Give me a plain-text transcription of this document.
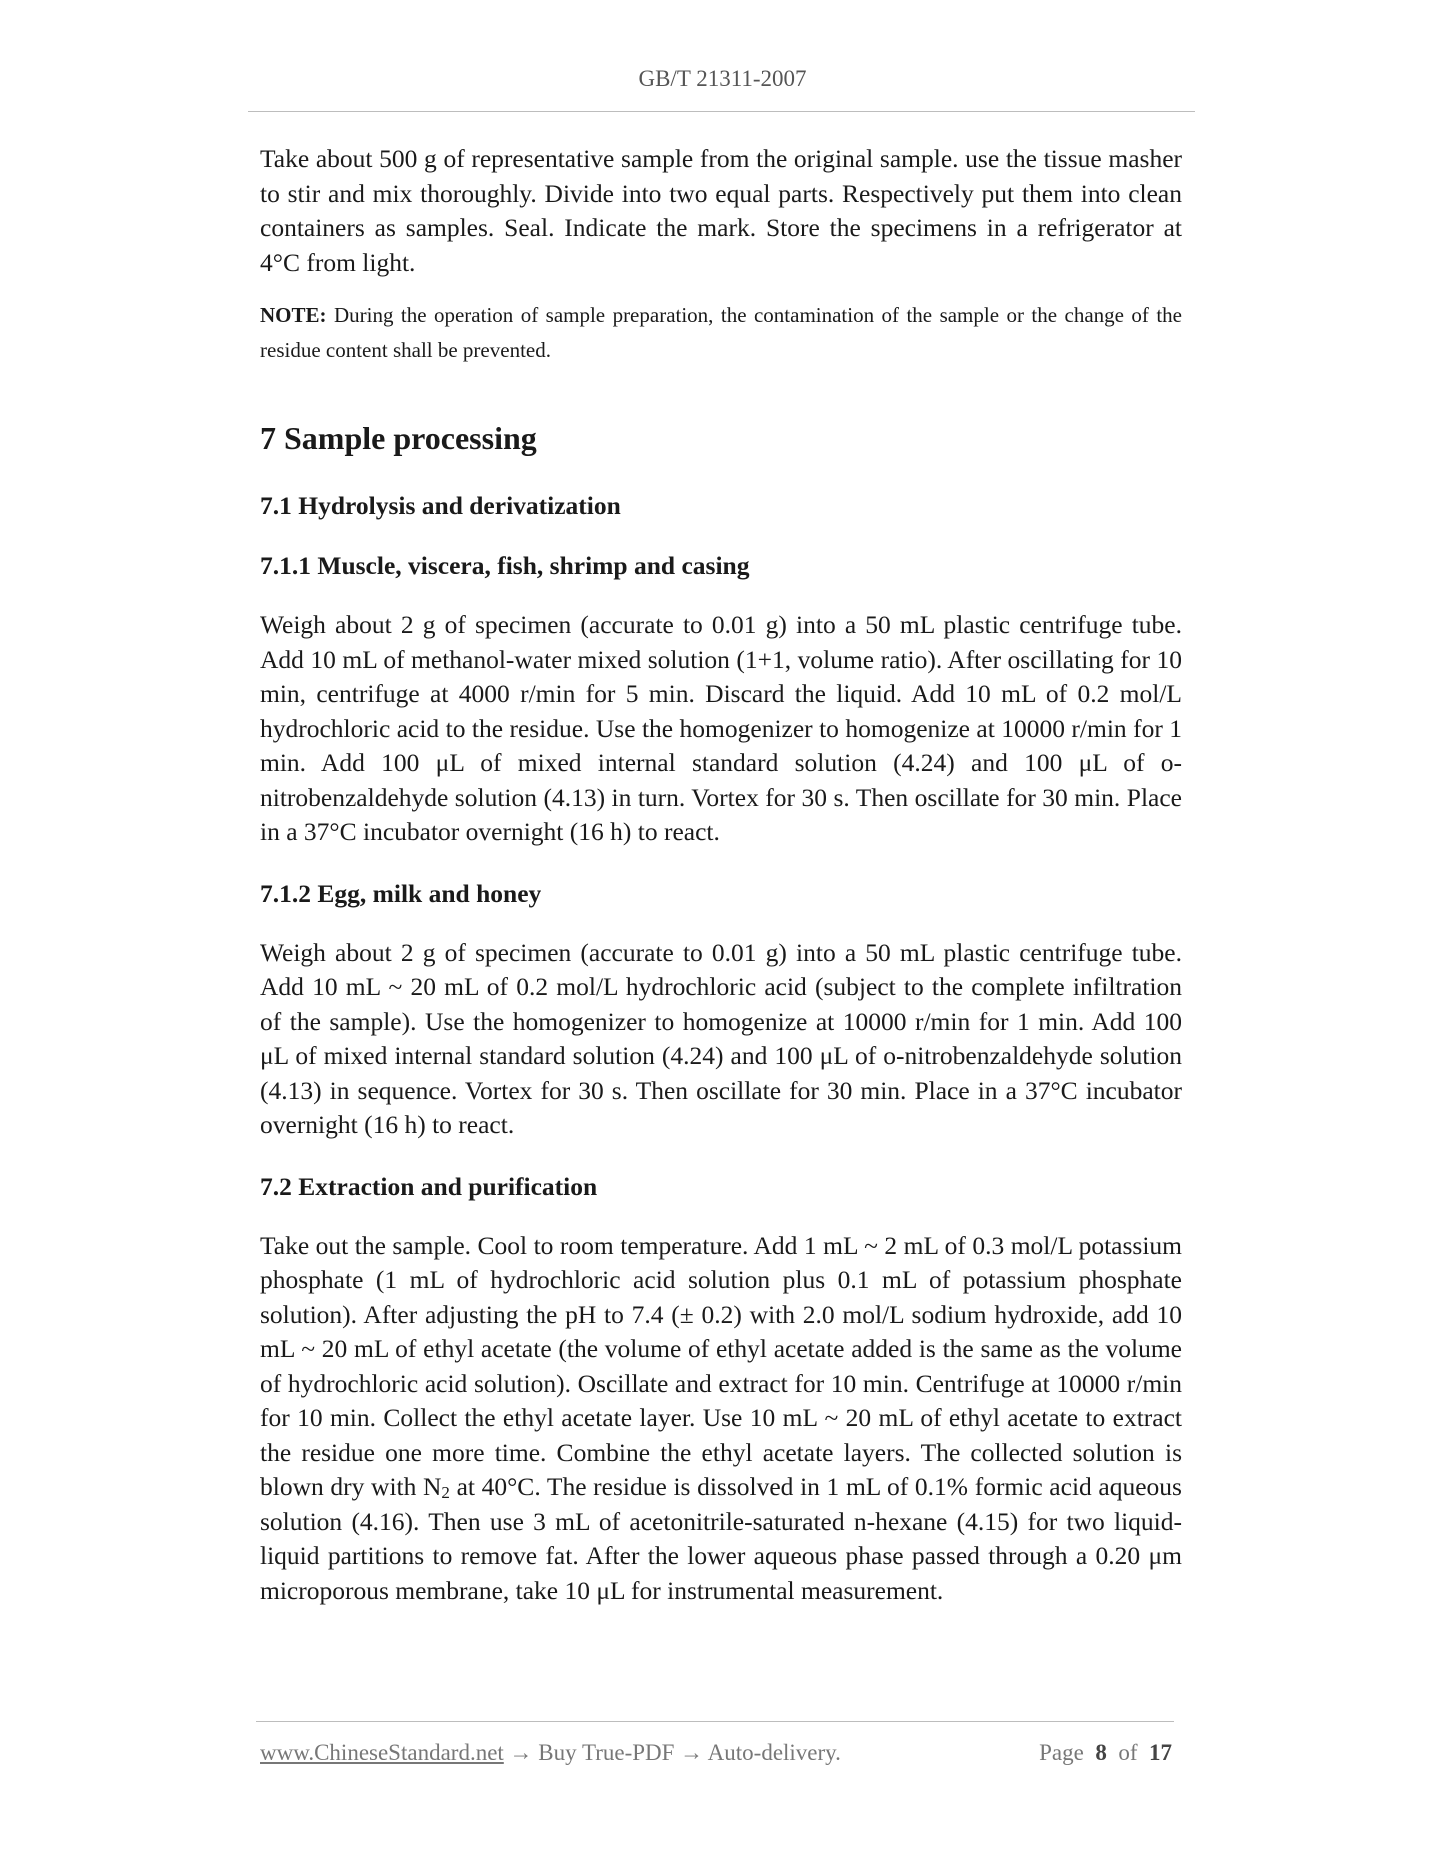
GB/T 21311-2007

Take about 500 g of representative sample from the original sample. use the tissue masher to stir and mix thoroughly. Divide into two equal parts. Respectively put them into clean containers as samples. Seal. Indicate the mark. Store the specimens in a refrigerator at 4°C from light.

NOTE: During the operation of sample preparation, the contamination of the sample or the change of the residue content shall be prevented.

7 Sample processing
7.1 Hydrolysis and derivatization
7.1.1 Muscle, viscera, fish, shrimp and casing

Weigh about 2 g of specimen (accurate to 0.01 g) into a 50 mL plastic centrifuge tube. Add 10 mL of methanol-water mixed solution (1+1, volume ratio). After oscillating for 10 min, centrifuge at 4000 r/min for 5 min. Discard the liquid. Add 10 mL of 0.2 mol/L hydrochloric acid to the residue. Use the homogenizer to homogenize at 10000 r/min for 1 min. Add 100 μL of mixed internal standard solution (4.24) and 100 μL of o-nitrobenzaldehyde solution (4.13) in turn. Vortex for 30 s. Then oscillate for 30 min. Place in a 37°C incubator overnight (16 h) to react.

7.1.2 Egg, milk and honey

Weigh about 2 g of specimen (accurate to 0.01 g) into a 50 mL plastic centrifuge tube. Add 10 mL ~ 20 mL of 0.2 mol/L hydrochloric acid (subject to the complete infiltration of the sample). Use the homogenizer to homogenize at 10000 r/min for 1 min. Add 100 μL of mixed internal standard solution (4.24) and 100 μL of o-nitrobenzaldehyde solution (4.13) in sequence. Vortex for 30 s. Then oscillate for 30 min. Place in a 37°C incubator overnight (16 h) to react.

7.2 Extraction and purification

Take out the sample. Cool to room temperature. Add 1 mL ~ 2 mL of 0.3 mol/L potassium phosphate (1 mL of hydrochloric acid solution plus 0.1 mL of potassium phosphate solution). After adjusting the pH to 7.4 (± 0.2) with 2.0 mol/L sodium hydroxide, add 10 mL ~ 20 mL of ethyl acetate (the volume of ethyl acetate added is the same as the volume of hydrochloric acid solution). Oscillate and extract for 10 min. Centrifuge at 10000 r/min for 10 min. Collect the ethyl acetate layer. Use 10 mL ~ 20 mL of ethyl acetate to extract the residue one more time. Combine the ethyl acetate layers. The collected solution is blown dry with $N_2$ at 40°C. The residue is dissolved in 1 mL of 0.1% formic acid aqueous solution (4.16). Then use 3 mL of acetonitrile-saturated n-hexane (4.15) for two liquid-liquid partitions to remove fat. After the lower aqueous phase passed through a 0.20 μm microporous membrane, take 10 μL for instrumental measurement.

www.ChineseStandard.net → Buy True-PDF → Auto-delivery.	Page 8 of 17
